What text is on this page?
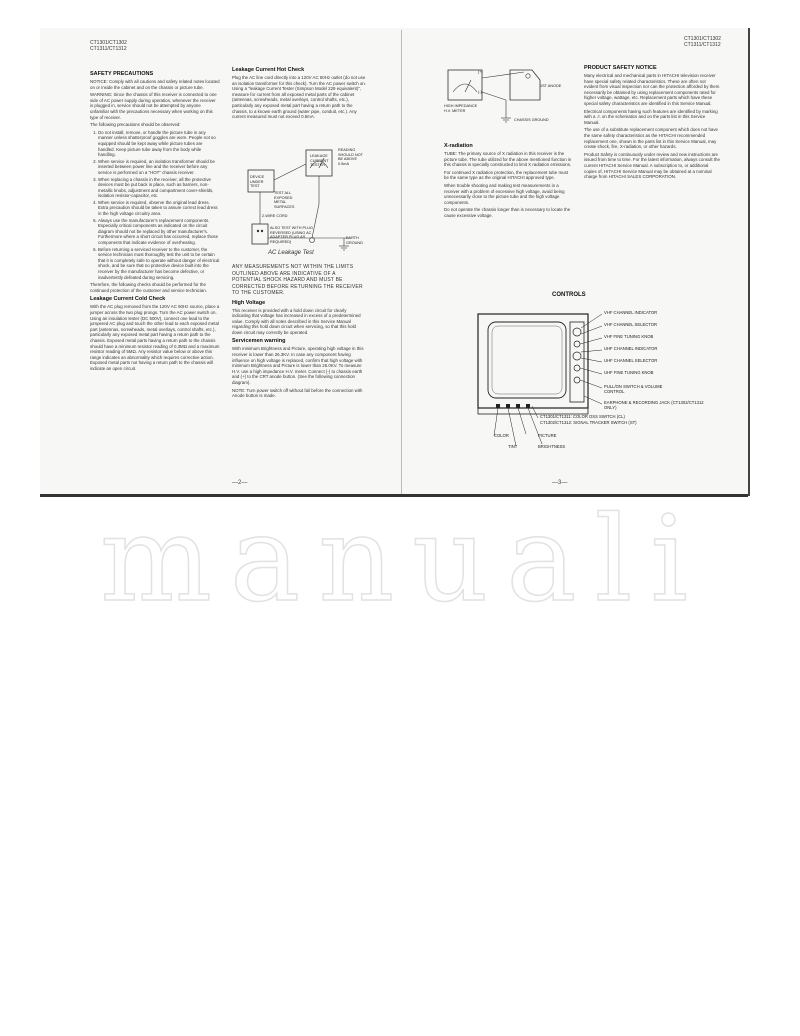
CT1301/CT1302
CT1311/CT1312
CT1301/CT1302
CT1311/CT1312
SAFETY PRECAUTIONS

NOTICE: Comply with all cautions and safety related notes located on or inside the cabinet and on the chassis or picture tube.

WARNING: Since the chassis of this receiver is connected to one side of AC power supply during operation, whenever the receiver is plugged in, service should not be attempted by anyone unfamiliar with the precautions necessary when working on this type of receiver.

The following precautions should be observed:

1. Do not install, remove, or handle the picture tube in any manner unless shatterproof goggles are worn. People not so equipped should be kept away while picture tubes are handled. Keep picture tube away from the body while handling.
2. When service is required, an isolation transformer should be inserted between power line and the receiver before any service is performed on a "HOT" chassis receiver.
3. When replacing a chassis in the receiver, all the protective devices must be put back in place, such as barriers, non-metallic knobs, adjustment and compartment cover-shields, isolation resistor-capacitor, etc.
4. When service is required, observe the original lead dress. Extra precaution should be taken to assure correct lead dress in the high voltage circuitry area.
5. Always use the manufacturer's replacement components. Especially critical components as indicated on the circuit diagram should not be replaced by other manufacturer's. Furthermore where a short circuit has occurred, replace those components that indicate evidence of overheating.
6. Before returning a serviced receiver to the customer, the service technician must thoroughly test the unit to be certain that it is completely safe to operate without danger of electrical shock, and be sure that no protective device built into the receiver by the manufacturer has become defective, or inadvertently defeated during servicing.

Therefore, the following checks should be performed for the continued protection of the customer and service technician.

Leakage Current Cold Check

With the AC plug removed from the 120V AC 60Hz source, place a jumper across the two plug prongs. Turn the AC power switch on. Using an insulation tester (DC 500V), connect one lead to the jumpered AC plug and touch the other lead to each exposed metal part (antennas, screwheads, metal overlays, control shafts, etc.), particularly any exposed metal part having a return path to the chassis. Exposed metal parts having a return path to the chassis should have a minimum resistor reading of 0.3MΩ and a maximum resistor reading of 5MΩ. Any resistor value below or above this range indicates an abnormality which requires corrective action. Exposed metal parts not having a return path to the chassis will indicate an open circuit.

Leakage Current Hot Check

Plug the AC line cord directly into a 120V AC 60Hz outlet (do not use an isolation transformer for this check). Turn the AC power switch on. Using a "leakage Current Tester (Simpson Model 229 equivalent)", measure for current from all exposed metal parts of the cabinet (antennas, screwheads, metal overlays, control shafts, etc.), particularly any exposed metal part having a return path to the chassis, to a known earth ground (water pipe, conduit, etc.). Any current measured must not exceed 0.5mA.

DEVICE UNDER TEST
LEAKAGE CURRENT TESTER
READING SHOULD NOT BE ABOVE 0.5mA
TEST ALL EXPOSED METAL SURFACES
2-WIRE CORD
ALSO TEST WITH PLUG REVERSED (USING AC ADAPTER PLUG AS REQUIRED)
EARTH GROUND
AC Leakage Test

ANY MEASUREMENTS NOT WITHIN THE LIMITS OUTLINED ABOVE ARE INDICATIVE OF A POTENTIAL SHOCK HAZARD AND MUST BE CORRECTED BEFORE RETURNING THE RECEIVER TO THE CUSTOMER.

High Voltage

This receiver is provided with a hold down circuit for clearly indicating that voltage has increased in excess of a predetermined value. Comply with all notes described in this Service Manual regarding this hold down circuit when servicing, so that this hold down circuit may correctly be operated.

Servicemen warning

With minimum Brightness and Picture, operating high voltage in this receiver is lower than 26.3KV. In case any component having influence on high voltage is replaced, confirm that high voltage with minimum Brightness and Picture is lower than 26.0KV. To measure H.V. use a high impedance H.V. meter. Connect (-) to chassis earth and (+) to the CRT anode button. (See the following connection diagram).

NOTE: Turn power switch off without fail before the connection with Anode button is made.

—2—
(+)
(-)
1ST ANODE
HIGH IMPEDANCE H.V. METER
CHASSIS GROUND
X-radiation

TUBE: The primary source of X radiation in this receiver is the picture tube. The tube utilized for the above mentioned function in this chassis is specially constructed to limit X radiation emissions.

For continued X radiation protection, the replacement tube must be the same type as the original HITACHI approved type.

When trouble shooting and making test measurements in a receiver with a problem of excessive high voltage, avoid being unnecessarily close to the picture tube and the high voltage components.

Do not operate the chassis longer than is necessary to locate the cause excessive voltage.

PRODUCT SAFETY NOTICE

Many electrical and mechanical parts in HITACHI television receiver have special safety related characteristics. These are often not evident from visual inspection nor can the protection afforded by them necessarily be obtained by using replacement components rated for higher voltage, wattage, etc. Replacement parts which have these special safety characteristics are identified in this Service Manual.

Electrical components having such features are identified by marking with a ⚠ on the schematics and on the parts list in this Service Manual.

The use of a substitute replacement component which does not have the same safety characteristics as the HITACHI recommended replacement one, shown in the parts list in this Service Manual, may create shock, fire, X-radiation, or other hazards.

Product Safety is continuously under review and new instructions are issued from time to time. For the latest information, always consult the current HITACHI Service Manual. A subscription to, or additional copies of, HITACHI Service Manual may be obtained at a nominal charge from HITACHI SALES CORPORATION.

CONTROLS
VHF CHANNEL INDICATOR
VHF CHANNEL SELECTOR
VHF FINE TUNING KNOB
UHF CHANNEL INDICATOR
UHF CHANNEL SELECTOR
UHF FINE TUNING KNOB
PULL/ON SWITCH & VOLUME CONTROL
EARPHONE & RECORDING JACK (CT1302/CT1312 ONLY)
CT1301/CT1311: COLOR OSS SWITCH (CL)
CT1302/CT1312: SIGNAL TRACKER SWITCH (ST)
COLOR	PICTURE
TINT	BRIGHTNESS
—3—
manuali
